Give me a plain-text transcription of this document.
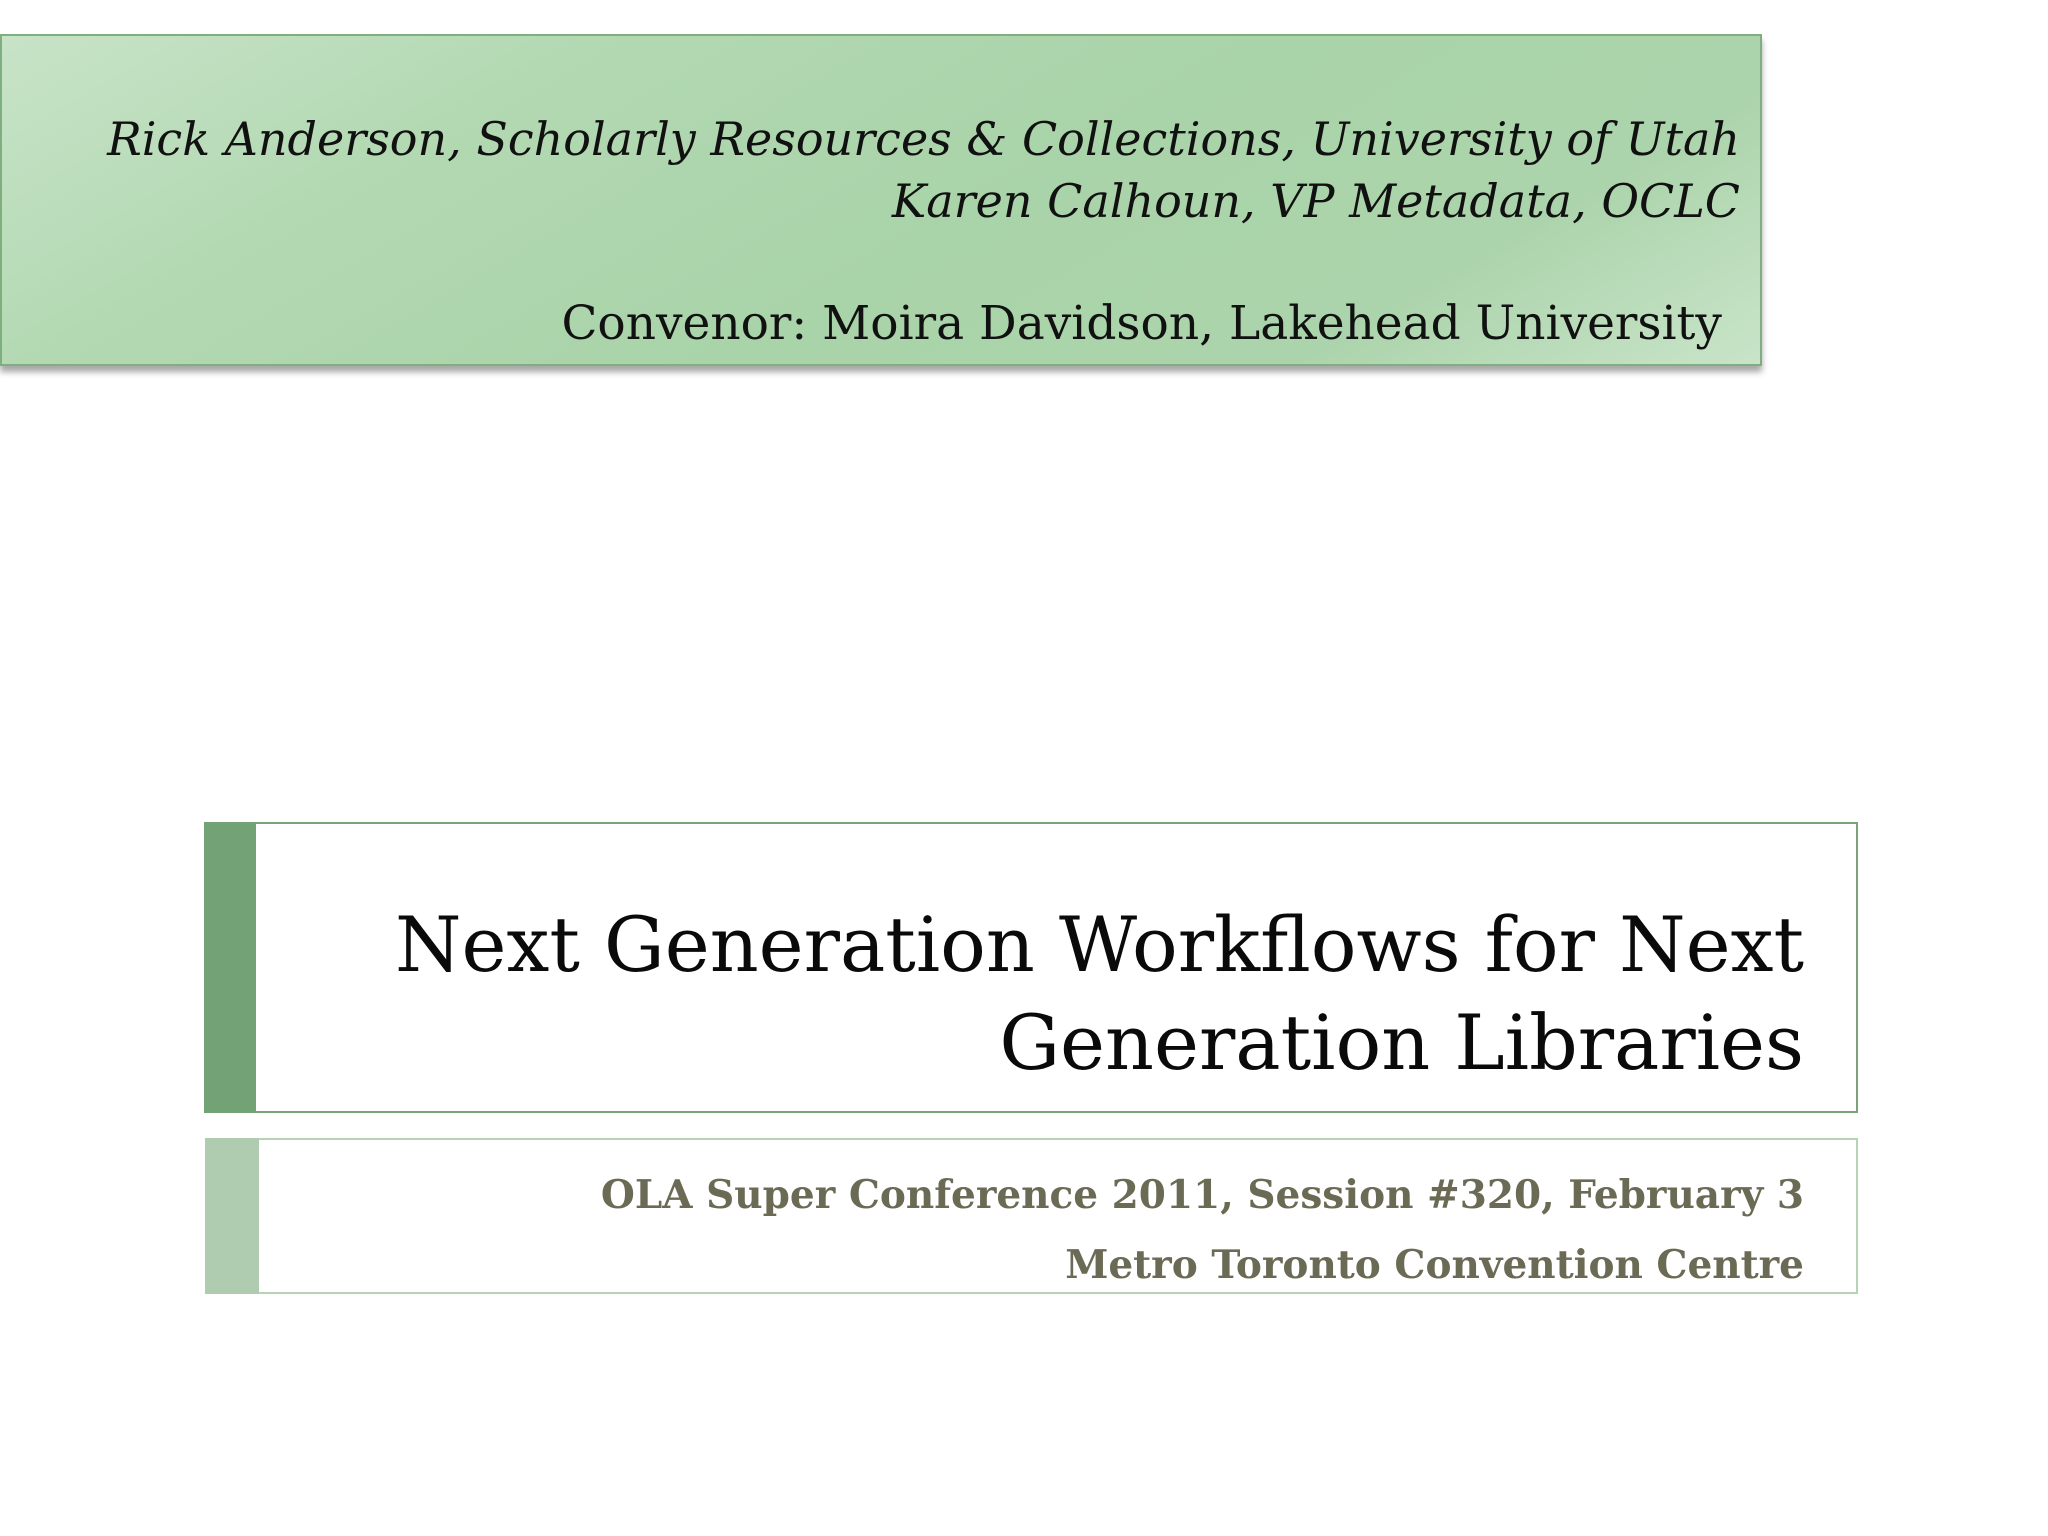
Rick Anderson, Scholarly Resources & Collections, University of Utah

Karen Calhoun, VP Metadata, OCLC

Convenor: Moira Davidson, Lakehead University

Next Generation Workflows for Next
Generation Libraries

OLA Super Conference 2011, Session #320, February 3

Metro Toronto Convention Centre
